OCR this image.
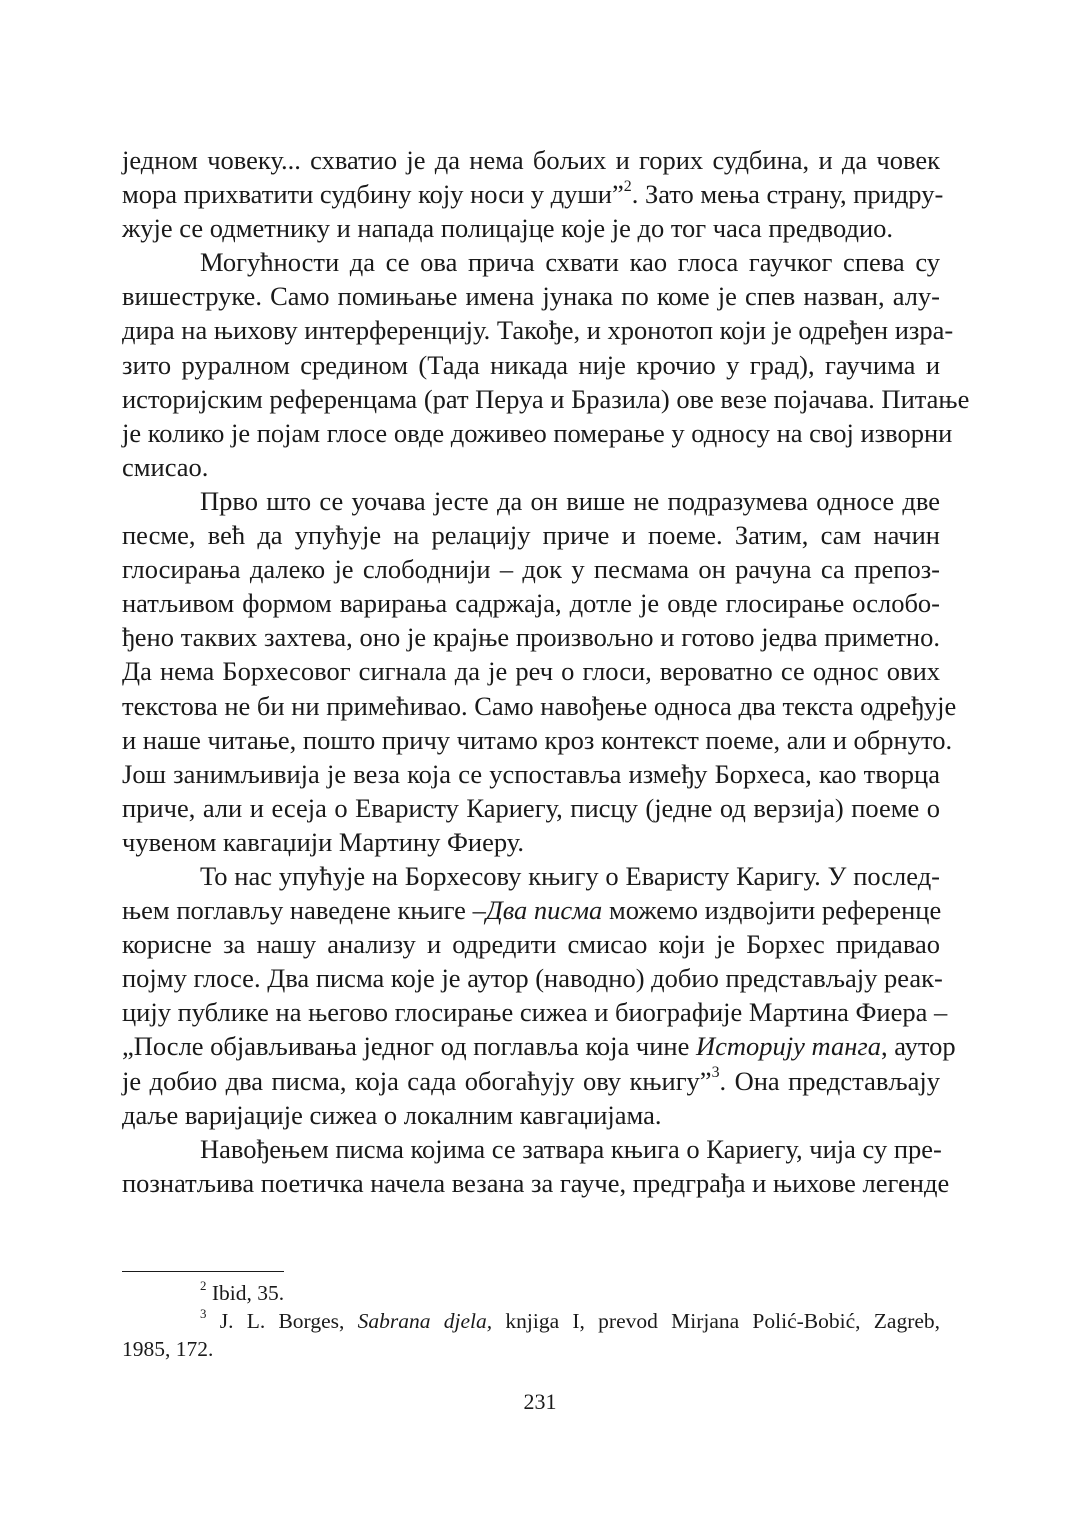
једном човеку... схватио је да нема бољих и горих судбина, и да човек
мора прихватити судбину коју носи у души”$^2$. Зато мења страну, придру-
жује се одметнику и напада полицајце које је до тог часа предводио.

Могућности да се ова прича схвати као глоса гаучког спева су
вишеструке. Само помињање имена јунака по коме је спев назван, алу-
дира на њихову интерференцију. Такође, и хронотоп који је одређен изра-
зито руралном средином (Тада никада није крочио у град), гаучима и
историјским референцама (рат Перуа и Бразила) ове везе појачава. Питање
је колико је појам глосе овде доживео померање у односу на свој изворни
смисао.

Прво што се уочава јесте да он више не подразумева односе две
песме, већ да упућује на релацију приче и поеме. Затим, сам начин
глосирања далеко је слободнији – док у песмама он рачуна са препоз-
натљивом формом варирања садржаја, дотле је овде глосирање ослобо-
ђено таквих захтева, оно је крајње произвољно и готово једва приметно.
Да нема Борхесовог сигнала да је реч о глоси, вероватно се однос ових
текстова не би ни примећивао. Само навођење односа два текста одређује
и наше читање, пошто причу читамо кроз контекст поеме, али и обрнуто.
Још занимљивија је веза која се успоставља између Борхеса, као творца
приче, али и есеја о Еваристу Кариегу, писцу (једне од верзија) поеме о
чувеном кавгаџији Мартину Фиеру.

То нас упућује на Борхесову књигу о Еваристу Каригу. У послед-
њем поглављу наведене књиге –Два писма можемо издвојити референце
корисне за нашу анализу и одредити смисао који је Борхес придавао
појму глосе. Два писма које је аутор (наводно) добио представљају реак-
цију публике на његово глосирање сижеа и биографије Мартина Фиера –
„После објављивања једног од поглавља која чине Историју танга, аутор
је добио два писма, која сада обогаћују ову књигу”$^3$. Она представљају
даље варијације сижеа о локалним кавгаџијама.

Навођењем писма којима се затвара књига о Кариегу, чија су пре-
познатљива поетичка начела везана за гауче, предграђа и њихове легенде

$^2$ Ibid, 35.
$^3$ J. L. Borges, Sabrana djela, knjiga I, prevod Mirjana Polić-Bobić, Zagreb,
1985, 172.
231
